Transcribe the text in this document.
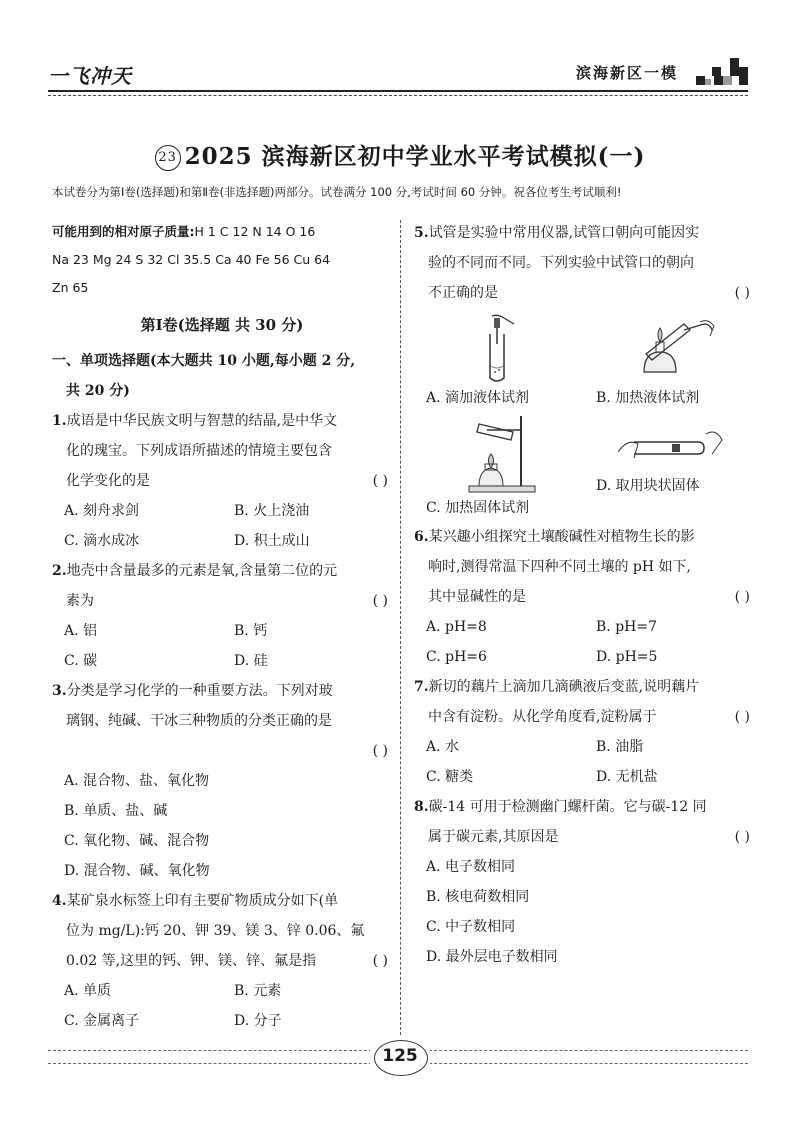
一飞冲天	滨海新区一模
23 2025 滨海新区初中学业水平考试模拟(一)
本试卷分为第Ⅰ卷(选择题)和第Ⅱ卷(非选择题)两部分。试卷满分 100 分,考试时间 60 分钟。祝各位考生考试顺利!
可能用到的相对原子质量:H 1 C 12 N 14 O 16
Na 23 Mg 24 S 32 Cl 35.5 Ca 40 Fe 56 Cu 64
Zn 65
第Ⅰ卷(选择题 共 30 分)
一、单项选择题(本大题共 10 小题,每小题 2 分,
共 20 分)
1.成语是中华民族文明与智慧的结晶,是中华文
化的瑰宝。下列成语所描述的情境主要包含
化学变化的是	( )
A. 刻舟求剑	B. 火上浇油
C. 滴水成冰	D. 积土成山
2.地壳中含量最多的元素是氧,含量第二位的元
素为	( )
A. 铝	B. 钙
C. 碳	D. 硅
3.分类是学习化学的一种重要方法。下列对玻
璃钢、纯碱、干冰三种物质的分类正确的是
( )
A. 混合物、盐、氧化物
B. 单质、盐、碱
C. 氧化物、碱、混合物
D. 混合物、碱、氧化物
4.某矿泉水标签上印有主要矿物质成分如下(单
位为 mg/L):钙 20、钾 39、镁 3、锌 0.06、氟
0.02 等,这里的钙、钾、镁、锌、氟是指	( )
A. 单质	B. 元素
C. 金属离子	D. 分子
5.试管是实验中常用仪器,试管口朝向可能因实
验的不同而不同。下列实验中试管口的朝向
不正确的是	( )
A. 滴加液体试剂	B. 加热液体试剂
C. 加热固体试剂
D. 取用块状固体
6.某兴趣小组探究土壤酸碱性对植物生长的影
响时,测得常温下四种不同土壤的 pH 如下,
其中显碱性的是	( )
A. pH=8	B. pH=7
C. pH=6	D. pH=5
7.新切的藕片上滴加几滴碘液后变蓝,说明藕片
中含有淀粉。从化学角度看,淀粉属于	( )
A. 水	B. 油脂
C. 糖类	D. 无机盐
8.碳-14 可用于检测幽门螺杆菌。它与碳-12 同
属于碳元素,其原因是	( )
A. 电子数相同
B. 核电荷数相同
C. 中子数相同
D. 最外层电子数相同
125
